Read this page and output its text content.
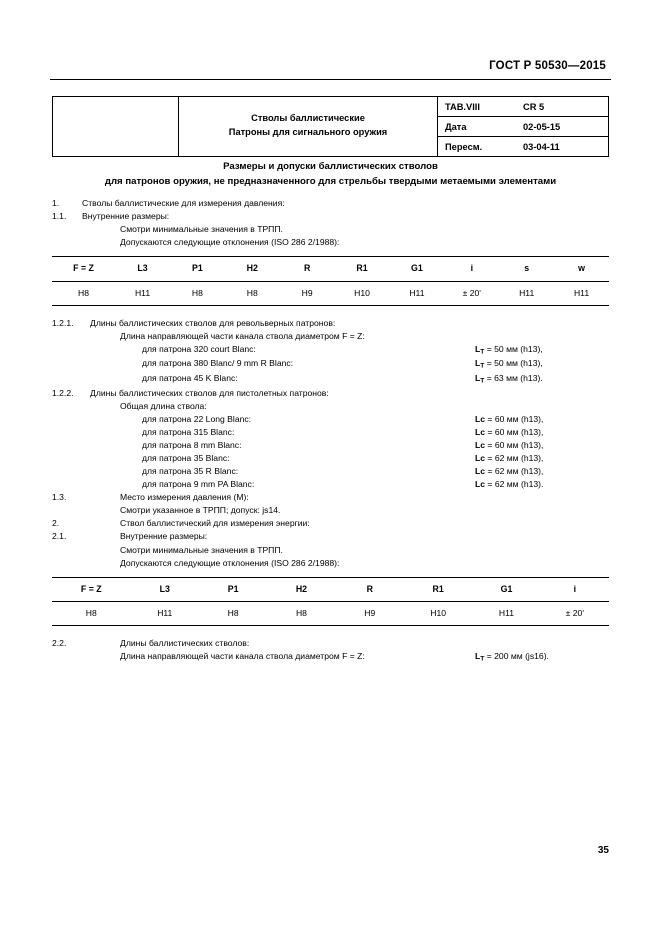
ГОСТ Р 50530—2015
Стволы баллистические
Патроны для сигнального оружия
TAB.VIII	CR 5
Дата	02-05-15
Пересм.	03-04-11
Размеры и допуски баллистических стволов
для патронов оружия, не предназначенного для стрельбы твердыми метаемыми элементами
1.	Стволы баллистические для измерения давления:
1.1.	Внутренние размеры:
Смотри минимальные значения в ТРПП.
Допускаются следующие отклонения (ISO 286 2/1988):
F = Z	L3	P1	H2	R	R1	G1	i	s	w
H8	H11	H8	H8	H9	H10	H11	± 20'	H11	H11
1.2.1.	Длины баллистических стволов для револьверных патронов:
Длина направляющей части канала ствола диаметром F = Z:
для патрона 320 court Blanc:	$L_T = 50$ мм (h13),
для патрона 380 Blanc/ 9 mm R Blanc:	$L_T = 50$ мм (h13),
для патрона 45 K Blanc:	$L_T = 63$ мм (h13).
1.2.2.	Длины баллистических стволов для пистолетных патронов:
Общая длина ствола:
для патрона 22 Long Blanc:	Lc = 60 мм (h13),
для патрона 315 Blanc:	Lc = 60 мм (h13),
для патрона 8 mm Blanc:	Lc = 60 мм (h13),
для патрона 35 Blanc:	Lc = 62 мм (h13),
для патрона 35 R Blanc:	Lc = 62 мм (h13),
для патрона 9 mm PA Blanc:	Lc = 62 мм (h13).
1.3.	Место измерения давления (M):
Смотри указанное в ТРПП; допуск: js14.
2.	Ствол баллистический для измерения энергии:
2.1.	Внутренние размеры:
Смотри минимальные значения в ТРПП.
Допускаются следующие отклонения (ISO 286 2/1988):
F = Z	L3	P1	H2	R	R1	G1	i
H8	H11	H8	H8	H9	H10	H11	± 20'
2.2.	Длины баллистических стволов:
Длина направляющей части канала ствола диаметром F = Z:	$L_T = 200$ мм (js16).
35
